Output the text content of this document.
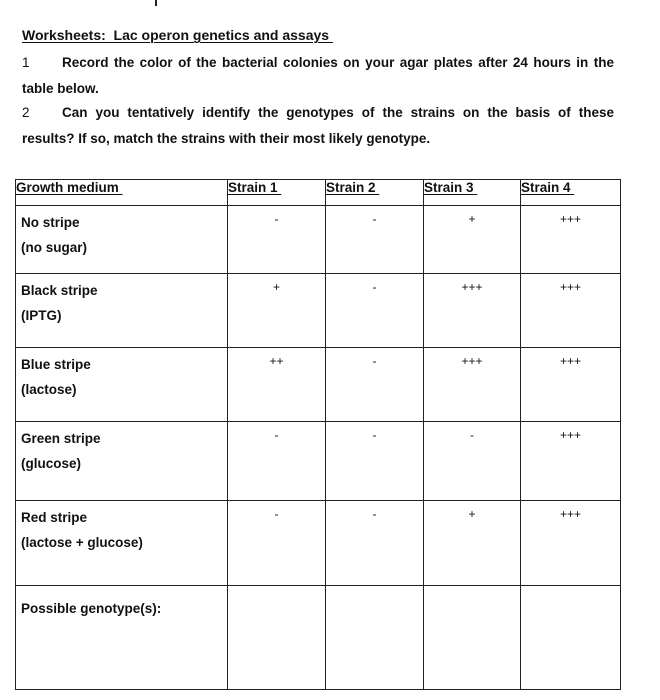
Worksheets:  Lac operon genetics and assays
1 Record the color of the bacterial colonies on your agar plates after 24 hours in the table below.
2 Can you tentatively identify the genotypes of the strains on the basis of these results? If so, match the strains with their most likely genotype.
Growth medium	Strain 1	Strain 2	Strain 3	Strain 4

No stripe
(no sugar)	-	-	+	+++

Black stripe
(IPTG)	+	-	+++	+++

Blue stripe
(lactose)	++	-	+++	+++

Green stripe
(glucose)	-	-	-	+++

Red stripe
(lactose + glucose)	-	-	+	+++

Possible genotype(s):				
